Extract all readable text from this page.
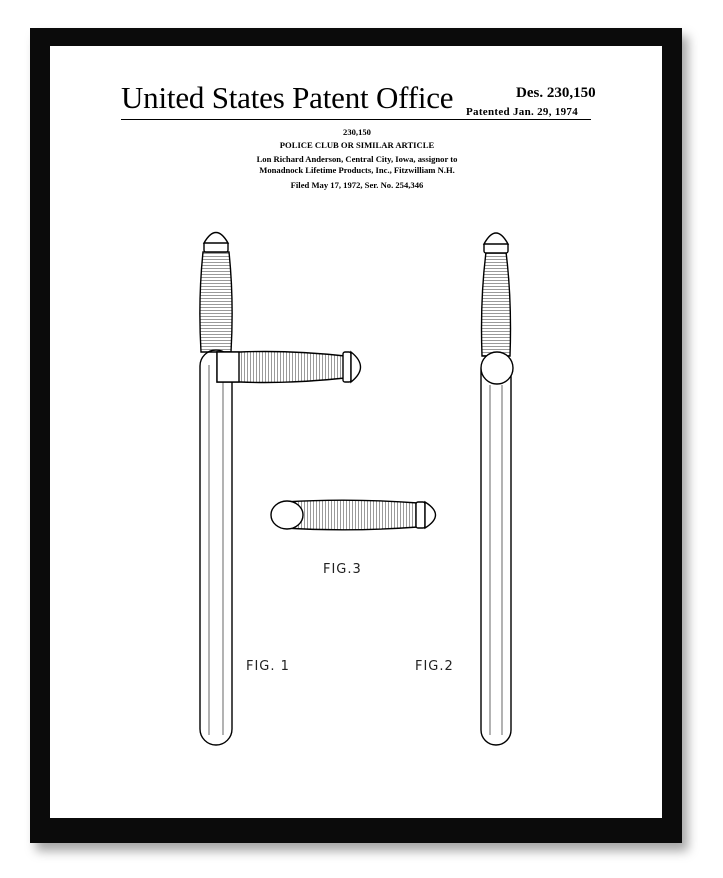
United States Patent Office	Des. 230,150
Patented Jan. 29, 1974
230,150
POLICE CLUB OR SIMILAR ARTICLE
Lon Richard Anderson, Central City, Iowa, assignor to
Monadnock Lifetime Products, Inc., Fitzwilliam N.H.
Filed May 17, 1972, Ser. No. 254,346
FIG.3
FIG. 1	FIG.2
